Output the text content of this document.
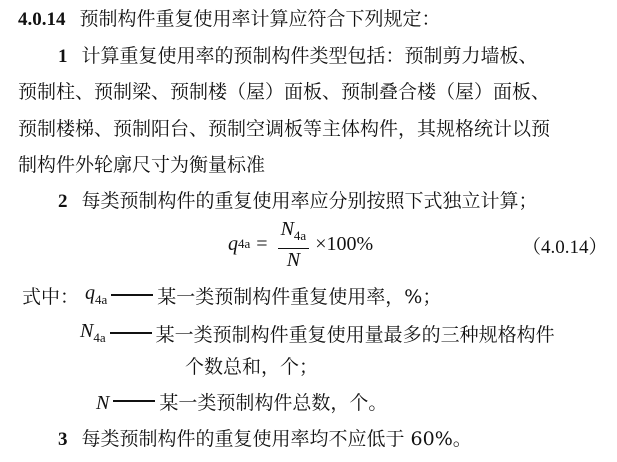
4.0.14 预制构件重复使用率计算应符合下列规定：
1 计算重复使用率的预制构件类型包括：预制剪力墙板、
预制柱、预制梁、预制楼（屋）面板、预制叠合楼（屋）面板、
预制楼梯、预制阳台、预制空调板等主体构件，其规格统计以预
制构件外轮廓尺寸为衡量标准
2 每类预制构件的重复使用率应分别按照下式独立计算；
q $4a = \frac{N_{4a}}{N} \times 100\%$	（4.0.14）
式中： $q_{4a}$	某一类预制构件重复使用率，%；
$N_{4a}$	某一类预制构件重复使用量最多的三种规格构件
个数总和，个；
N	某一类预制构件总数，个。
3 每类预制构件的重复使用率均不应低于 60%。
